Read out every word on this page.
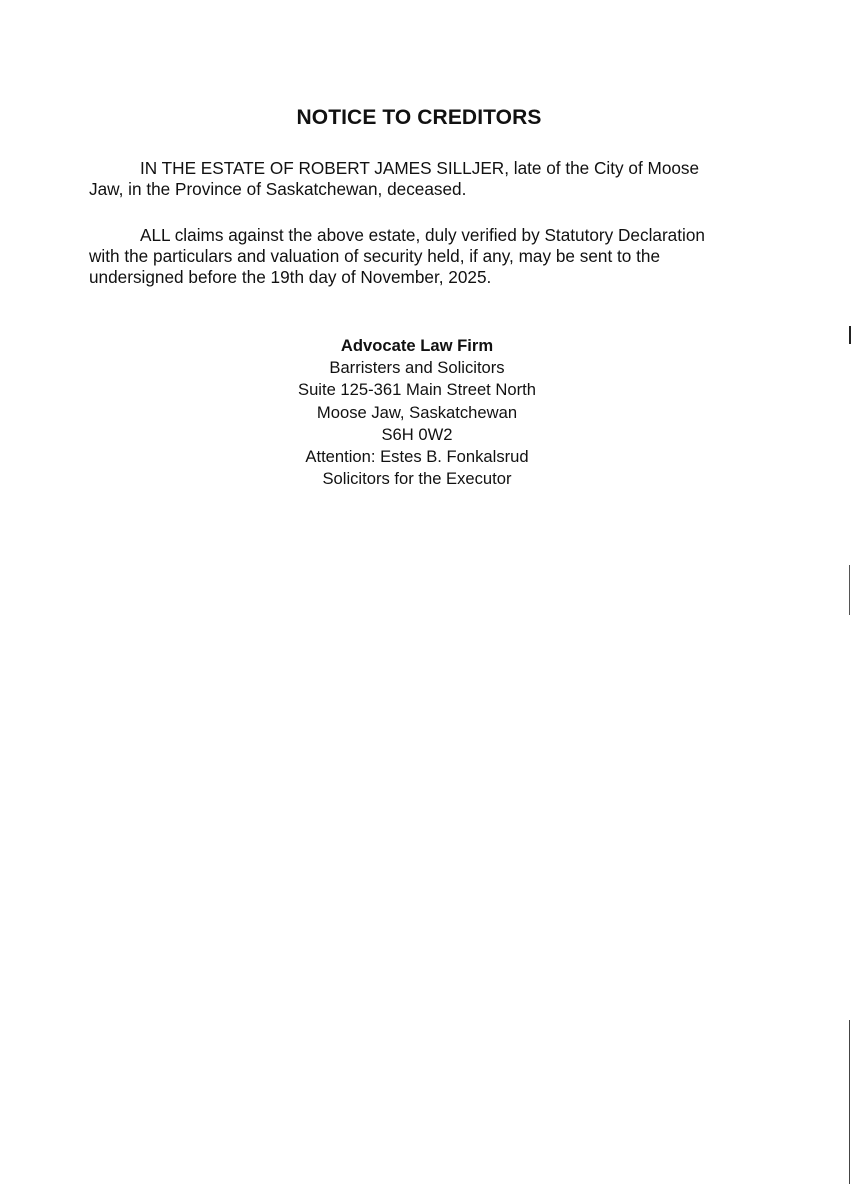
NOTICE TO CREDITORS
IN THE ESTATE OF ROBERT JAMES SILLJER, late of the City of Moose
Jaw, in the Province of Saskatchewan, deceased.
ALL claims against the above estate, duly verified by Statutory Declaration
with the particulars and valuation of security held, if any, may be sent to the
undersigned before the 19th day of November, 2025.
Advocate Law Firm
Barristers and Solicitors
Suite 125-361 Main Street North
Moose Jaw, Saskatchewan
S6H 0W2
Attention: Estes B. Fonkalsrud
Solicitors for the Executor
